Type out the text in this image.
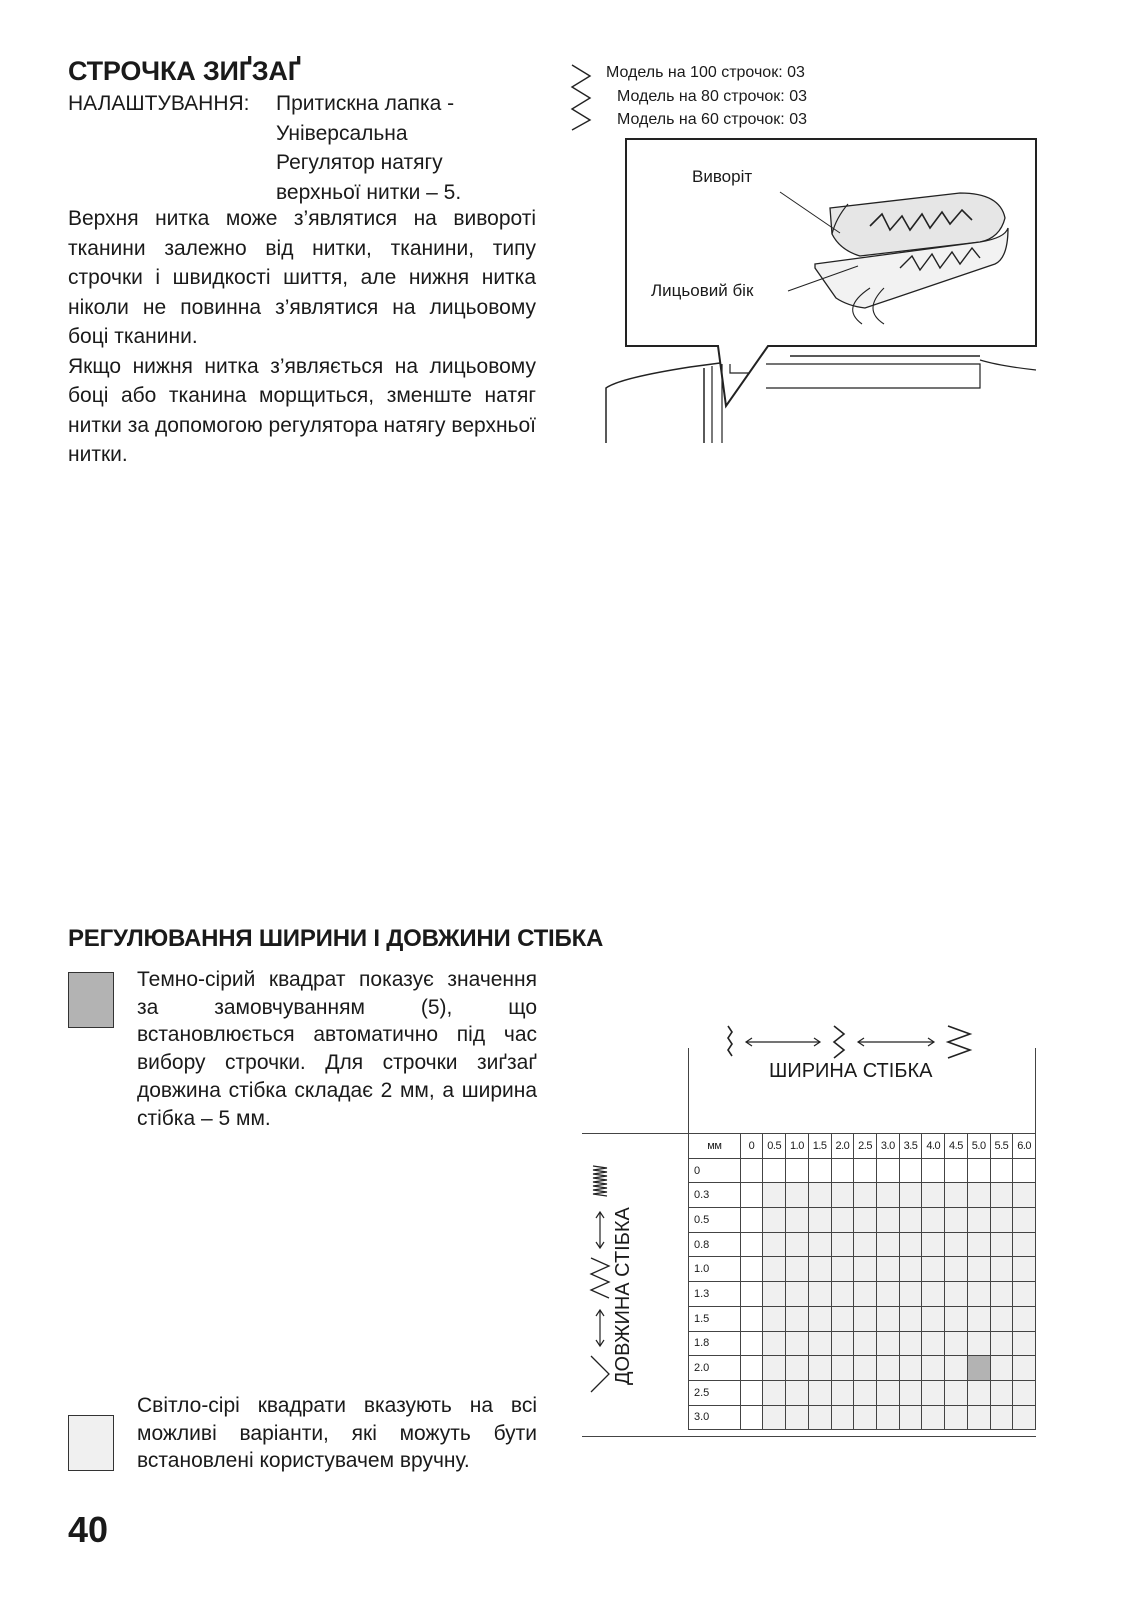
СТРОЧКА ЗИҐЗАҐ
НАЛАШТУВАННЯ: Притискна лапка -
Універсальна
Регулятор натягу
верхньої нитки – 5.

Верхня нитка може з’являтися на вивороті тканини залежно від нитки, тканини, типу строчки і швидкості шиття, але нижня нитка ніколи не повинна з’являтися на лицьовому боці тканини.

Якщо нижня нитка з’являється на лицьовому боці або тканина морщиться, зменште натяг нитки за допомогою регулятора натягу верхньої нитки.

Модель на 100 строчок: 03
Модель на 80 строчок: 03
Модель на 60 строчок: 03
Виворіт
Лицьовий бік
РЕГУЛЮВАННЯ ШИРИНИ І ДОВЖИНИ СТІБКА
Темно-сірий квадрат показує значення за замовчуванням (5), що встановлюється автоматично під час вибору строчки. Для строчки зиґзаґ довжина стібка складає 2 мм, а ширина стібка – 5 мм.
Світло-сірі квадрати вказують на всі можливі варіанти, які можуть бути встановлені користувачем вручну.
ШИРИНА СТІБКА
ДОВЖИНА СТІБКА
мм	0	0.5	1.0	1.5	2.0	2.5	3.0	3.5	4.0	4.5	5.0	5.5	6.0
0													
0.3													
0.5													
0.8													
1.0													
1.3													
1.5													
1.8													
2.0													
2.5													
3.0													
40
